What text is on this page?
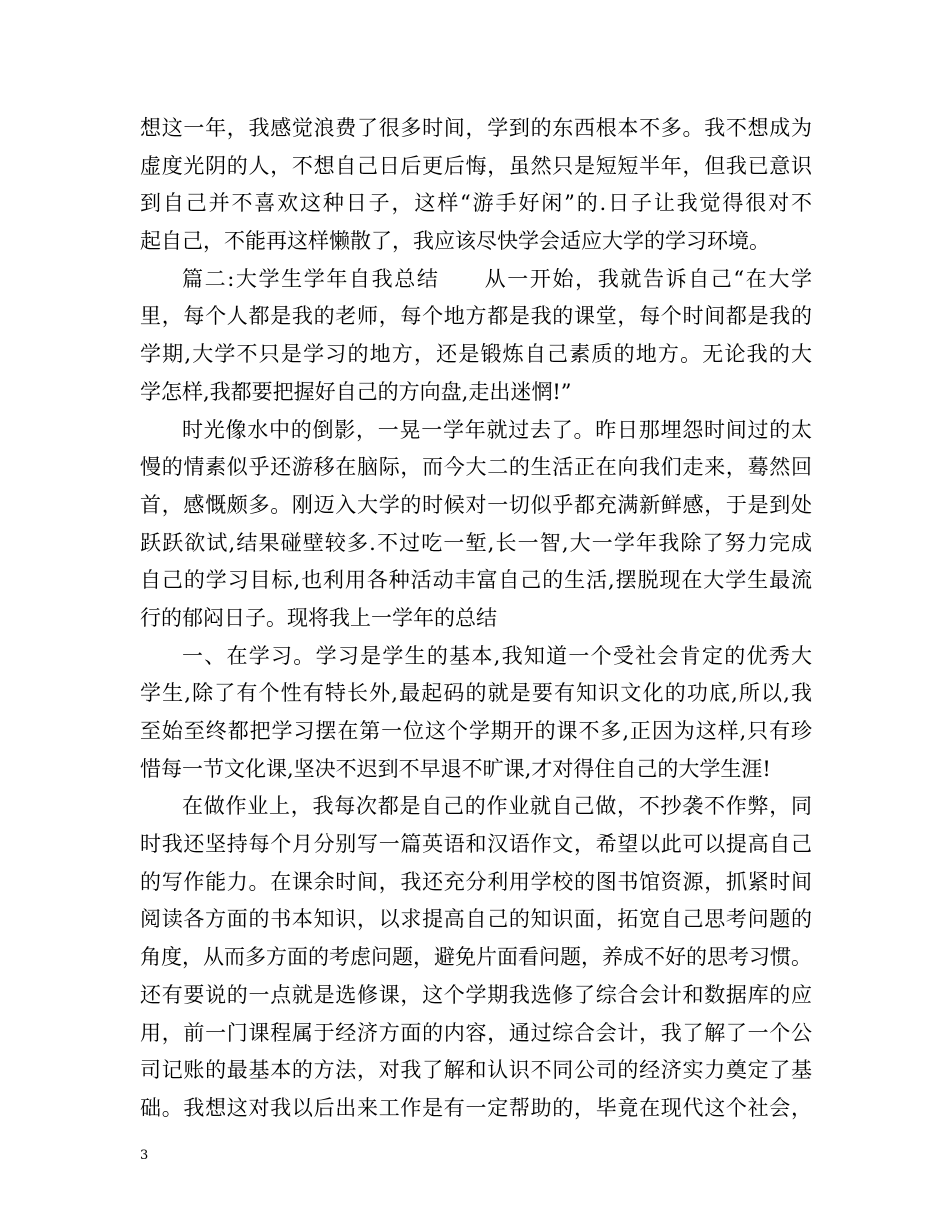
想这一年，我感觉浪费了很多时间，学到的东西根本不多。我不想成为
虚度光阴的人，不想自己日后更后悔，虽然只是短短半年，但我已意识
到自己并不喜欢这种日子，这样“游手好闲”的.日子让我觉得很对不
起自己，不能再这样懒散了，我应该尽快学会适应大学的学习环境。
篇二:大学生学年自我总结　　从一开始，我就告诉自己“在大学
里，每个人都是我的老师，每个地方都是我的课堂，每个时间都是我的
学期,大学不只是学习的地方，还是锻炼自己素质的地方。无论我的大
学怎样,我都要把握好自己的方向盘,走出迷惘!”
时光像水中的倒影，一晃一学年就过去了。昨日那埋怨时间过的太
慢的情素似乎还游移在脑际，而今大二的生活正在向我们走来，蓦然回
首，感慨颇多。刚迈入大学的时候对一切似乎都充满新鲜感，于是到处
跃跃欲试,结果碰壁较多.不过吃一堑,长一智,大一学年我除了努力完成
自己的学习目标,也利用各种活动丰富自己的生活,摆脱现在大学生最流
行的郁闷日子。现将我上一学年的总结
一、在学习。学习是学生的基本,我知道一个受社会肯定的优秀大
学生,除了有个性有特长外,最起码的就是要有知识文化的功底,所以,我
至始至终都把学习摆在第一位这个学期开的课不多,正因为这样,只有珍
惜每一节文化课,坚决不迟到不早退不旷课,才对得住自己的大学生涯!
在做作业上，我每次都是自己的作业就自己做，不抄袭不作弊，同
时我还坚持每个月分别写一篇英语和汉语作文，希望以此可以提高自己
的写作能力。在课余时间，我还充分利用学校的图书馆资源，抓紧时间
阅读各方面的书本知识，以求提高自己的知识面，拓宽自己思考问题的
角度，从而多方面的考虑问题，避免片面看问题，养成不好的思考习惯。
还有要说的一点就是选修课，这个学期我选修了综合会计和数据库的应
用，前一门课程属于经济方面的内容，通过综合会计，我了解了一个公
司记账的最基本的方法，对我了解和认识不同公司的经济实力奠定了基
础。我想这对我以后出来工作是有一定帮助的，毕竟在现代这个社会，
3
